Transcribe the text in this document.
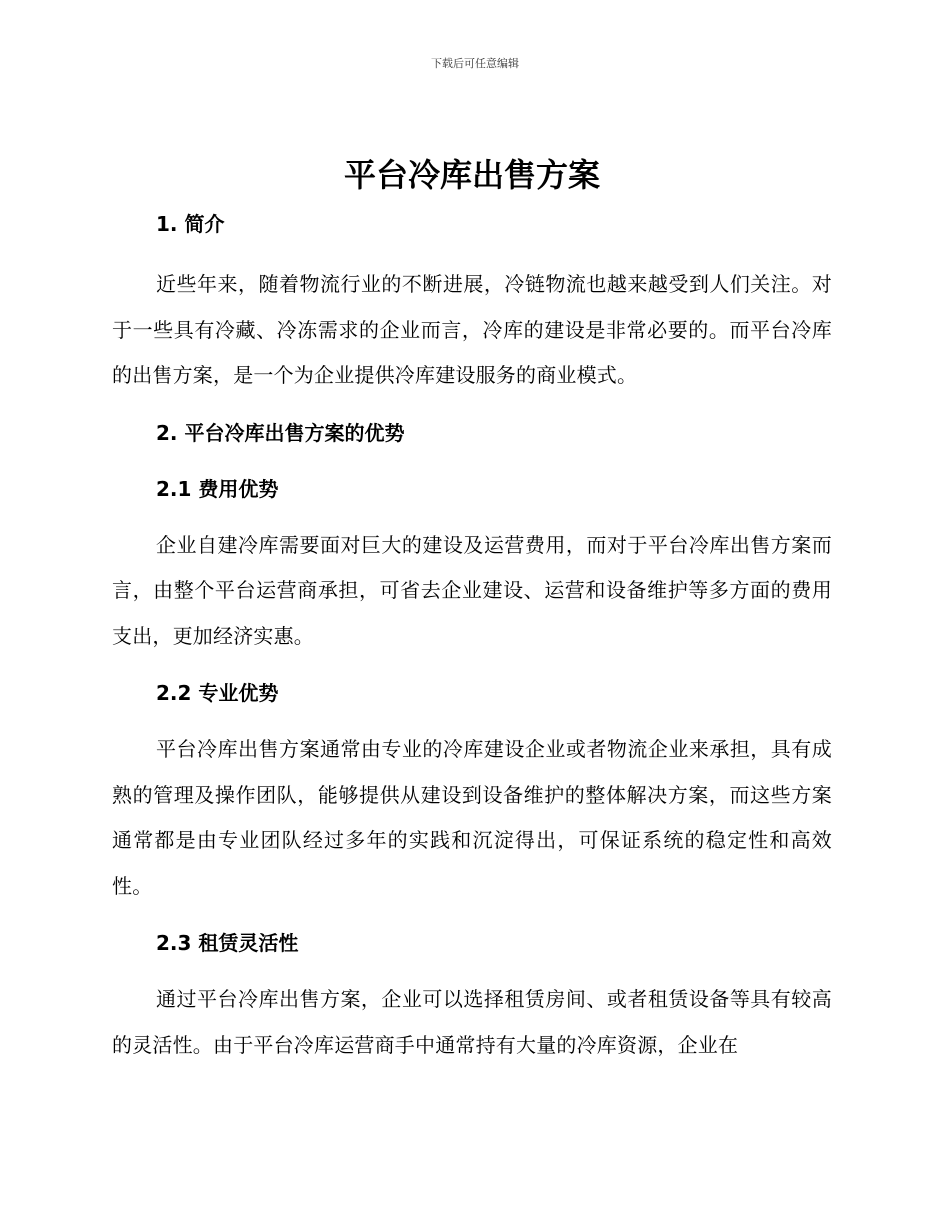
下载后可任意编辑
平台冷库出售方案
1. 简介

近些年来，随着物流行业的不断进展，冷链物流也越来越受到人们关注。对于一些具有冷藏、冷冻需求的企业而言，冷库的建设是非常必要的。而平台冷库的出售方案，是一个为企业提供冷库建设服务的商业模式。

2. 平台冷库出售方案的优势
2.1 费用优势

企业自建冷库需要面对巨大的建设及运营费用，而对于平台冷库出售方案而言，由整个平台运营商承担，可省去企业建设、运营和设备维护等多方面的费用支出，更加经济实惠。

2.2 专业优势

平台冷库出售方案通常由专业的冷库建设企业或者物流企业来承担，具有成熟的管理及操作团队，能够提供从建设到设备维护的整体解决方案，而这些方案通常都是由专业团队经过多年的实践和沉淀得出，可保证系统的稳定性和高效性。

2.3 租赁灵活性

通过平台冷库出售方案，企业可以选择租赁房间、或者租赁设备等具有较高的灵活性。由于平台冷库运营商手中通常持有大量的冷库资源，企业在
